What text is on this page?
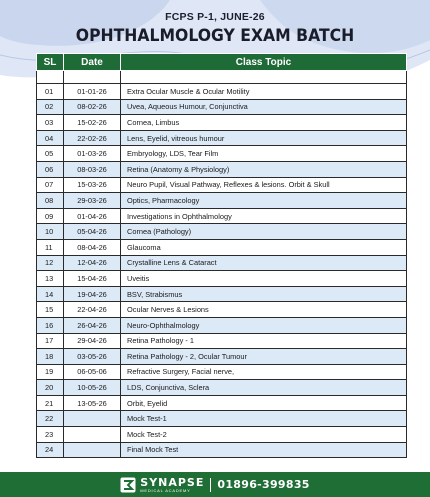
FCPS P-1, JUNE-26
OPHTHALMOLOGY EXAM BATCH
SL	Date	Class Topic

01	01-01-26	Extra Ocular Muscle & Ocular Motility
02	08-02-26	Uvea, Aqueous Humour, Conjunctiva
03	15-02-26	Cornea, Limbus
04	22-02-26	Lens, Eyelid, vitreous humour
05	01-03-26	Embryology, LDS, Tear Film
06	08-03-26	Retina (Anatomy & Physiology)
07	15-03-26	Neuro Pupil, Visual Pathway, Reflexes & lesions. Orbit & Skull
08	29-03-26	Optics, Pharmacology
09	01-04-26	Investigations in Ophthalmology
10	05-04-26	Cornea (Pathology)
11	08-04-26	Glaucoma
12	12-04-26	Crystalline Lens & Cataract
13	15-04-26	Uveitis
14	19-04-26	BSV, Strabismus
15	22-04-26	Ocular Nerves & Lesions
16	26-04-26	Neuro-Ophthalmology
17	29-04-26	Retina Pathology - 1
18	03-05-26	Retina Pathology - 2, Ocular Tumour
19	06-05-06	Refractive Surgery, Facial nerve,
20	10-05-26	LDS, Conjunctiva, Sclera
21	13-05-26	Orbit, Eyelid
22		Mock Test-1
23		Mock Test-2
24		Final Mock Test
SYNAPSE
MEDICAL ACADEMY	01896-399835
